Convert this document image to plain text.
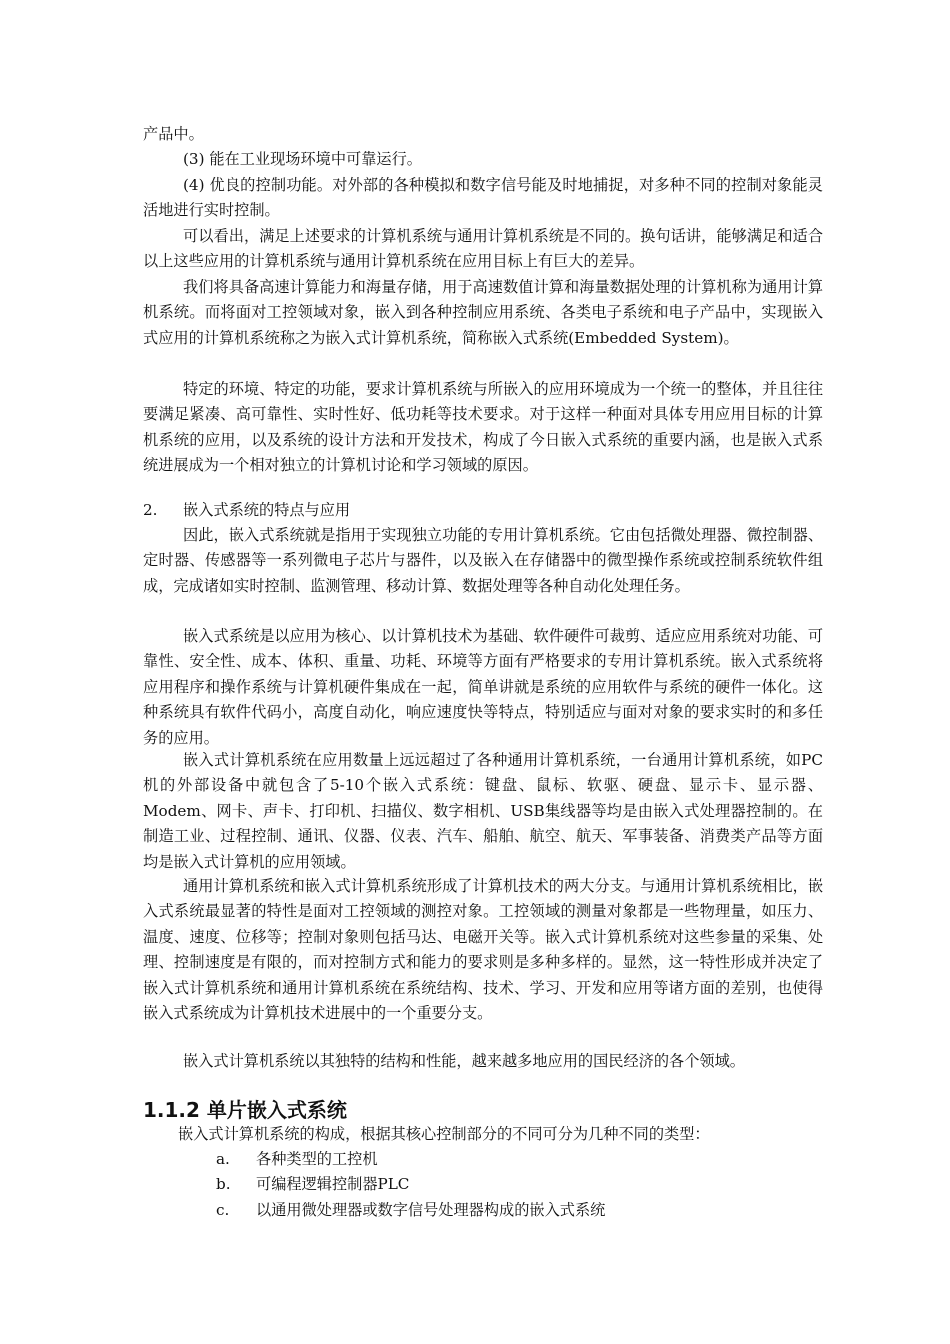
产品中。

(3) 能在工业现场环境中可靠运行。

(4) 优良的控制功能。对外部的各种模拟和数字信号能及时地捕捉，对多种不同的控制对象能灵活地进行实时控制。

可以看出，满足上述要求的计算机系统与通用计算机系统是不同的。换句话讲，能够满足和适合以上这些应用的计算机系统与通用计算机系统在应用目标上有巨大的差异。

我们将具备高速计算能力和海量存储，用于高速数值计算和海量数据处理的计算机称为通用计算机系统。而将面对工控领域对象，嵌入到各种控制应用系统、各类电子系统和电子产品中，实现嵌入式应用的计算机系统称之为嵌入式计算机系统，简称嵌入式系统(Embedded System)。

特定的环境、特定的功能，要求计算机系统与所嵌入的应用环境成为一个统一的整体，并且往往要满足紧凑、高可靠性、实时性好、低功耗等技术要求。对于这样一种面对具体专用应用目标的计算机系统的应用，以及系统的设计方法和开发技术，构成了今日嵌入式系统的重要内涵，也是嵌入式系统进展成为一个相对独立的计算机讨论和学习领域的原因。

2. 嵌入式系统的特点与应用

因此，嵌入式系统就是指用于实现独立功能的专用计算机系统。它由包括微处理器、微控制器、定时器、传感器等一系列微电子芯片与器件，以及嵌入在存储器中的微型操作系统或控制系统软件组成，完成诸如实时控制、监测管理、移动计算、数据处理等各种自动化处理任务。

嵌入式系统是以应用为核心、以计算机技术为基础、软件硬件可裁剪、适应应用系统对功能、可靠性、安全性、成本、体积、重量、功耗、环境等方面有严格要求的专用计算机系统。嵌入式系统将应用程序和操作系统与计算机硬件集成在一起，简单讲就是系统的应用软件与系统的硬件一体化。这种系统具有软件代码小，高度自动化，响应速度快等特点，特别适应与面对对象的要求实时的和多任务的应用。

嵌入式计算机系统在应用数量上远远超过了各种通用计算机系统，一台通用计算机系统，如PC机的外部设备中就包含了5-10个嵌入式系统：键盘、鼠标、软驱、硬盘、显示卡、显示器、Modem、网卡、声卡、打印机、扫描仪、数字相机、USB集线器等均是由嵌入式处理器控制的。在制造工业、过程控制、通讯、仪器、仪表、汽车、船舶、航空、航天、军事装备、消费类产品等方面均是嵌入式计算机的应用领域。

通用计算机系统和嵌入式计算机系统形成了计算机技术的两大分支。与通用计算机系统相比，嵌入式系统最显著的特性是面对工控领域的测控对象。工控领域的测量对象都是一些物理量，如压力、温度、速度、位移等；控制对象则包括马达、电磁开关等。嵌入式计算机系统对这些参量的采集、处理、控制速度是有限的，而对控制方式和能力的要求则是多种多样的。显然，这一特性形成并决定了嵌入式计算机系统和通用计算机系统在系统结构、技术、学习、开发和应用等诸方面的差别，也使得嵌入式系统成为计算机技术进展中的一个重要分支。

嵌入式计算机系统以其独特的结构和性能，越来越多地应用的国民经济的各个领域。

1.1.2 单片嵌入式系统

嵌入式计算机系统的构成，根据其核心控制部分的不同可分为几种不同的类型：

a.	各种类型的工控机
b.	可编程逻辑控制器PLC
c.	以通用微处理器或数字信号处理器构成的嵌入式系统
